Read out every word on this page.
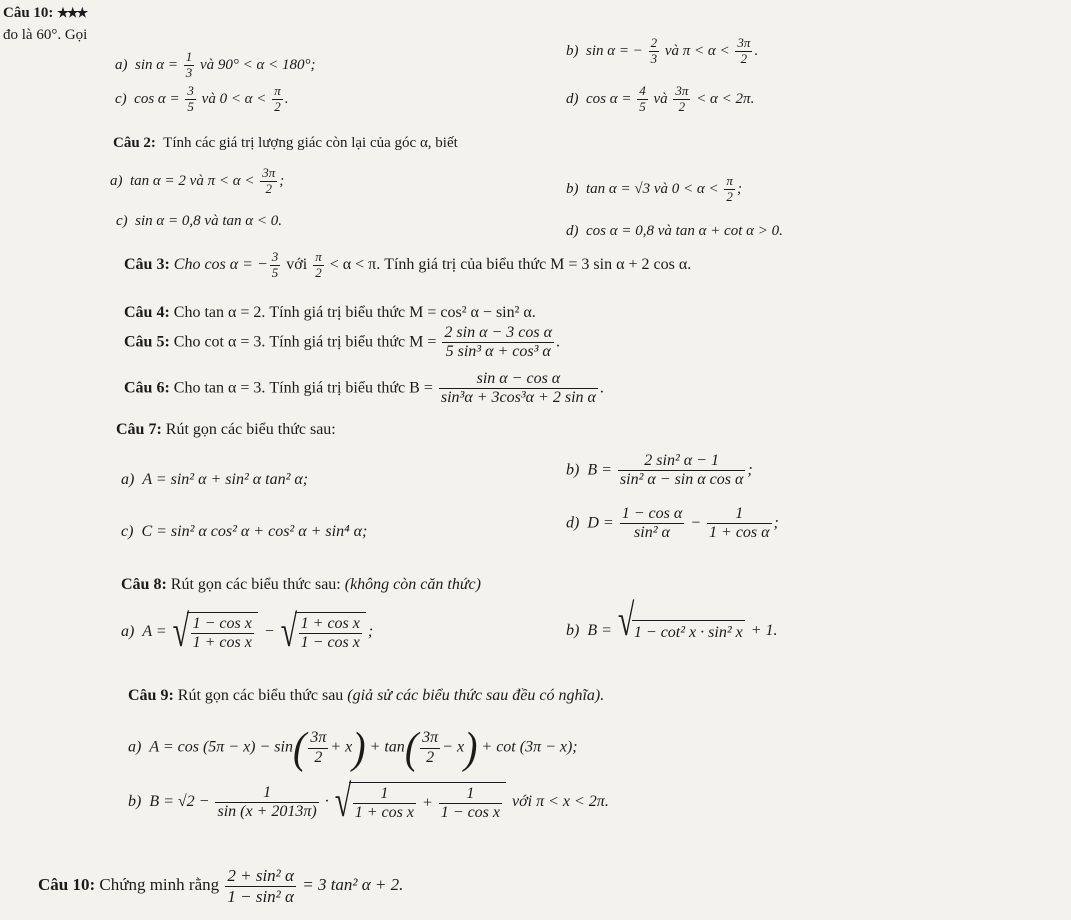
Câu 10: ★★★
đo là 60°. Gọi
a) $\sin \alpha = \frac{1}{3}$ và 90° < α < 180°;
b) sin α = − $\frac{2}{3}$ và $\pi < \alpha < \frac{3\pi}{2}$ .
c) $\cos \alpha = \frac{3}{5}$ và $0 < \alpha < \frac{\pi}{2}$ .	d) $\cos \alpha = \frac{4}{5}$ và $\frac{3\pi}{2} < \alpha < 2\pi$.
Câu 2: Tính các giá trị lượng giác còn lại của góc α, biết
a) tan α = 2 và $\pi < \alpha < \frac{3\pi}{2}$ ;	b) tan α = √3 và $0 < \alpha < \frac{\pi}{2}$ ;
c) sin α = 0,8 và tan α < 0.
d) cos α = 0,8 và tan α + cot α > 0.
Câu 3: Cho cos α = − $\frac{3}{5}$ với $\frac{\pi}{2} < \alpha < \pi$. Tính giá trị của biểu thức M = 3 sin α + 2 cos α.
Câu 4: Cho tan α = 2. Tính giá trị biểu thức M = cos² α − sin² α.
Câu 5: Cho cot α = 3. Tính giá trị biểu thức $M = \frac{\text{2 sin α − 3 cos α}}{\text{5 sin³ α + cos³ α}}$ .
Câu 6: Cho tan α = 3. Tính giá trị biểu thức $B = \frac{\text{sin α − cos α}}{\text{sin³α + 3cos³α + 2 sin α}}$ .
Câu 7: Rút gọn các biểu thức sau:
a) A = sin² α + sin² α tan² α;
b) $B = \frac{\text{2 sin² α − 1}}{\text{sin² α − sin α cos α}}$ ;
c) C = sin² α cos² α + cos² α + sin⁴ α;	d) $D = \frac{\text{1 − cos α}}{\text{sin² α}} - \frac{1}{\text{1 + cos α}}$ ;
Câu 8: Rút gọn các biểu thức sau: (không còn căn thức)
a) A = √ $\frac{\text{1 − cos x}}{\text{1 + cos x}}$ − √ $\frac{\text{1 + cos x}}{\text{1 − cos x}}$ ;	b) B = √ 1 − cot² x · sin² x + 1.
Câu 9: Rút gọn các biểu thức sau (giả sử các biểu thức sau đều có nghĩa).
a) $A = \cos (5\pi - x) - \sin( \frac{3\pi}{2} + x) + \tan( \frac{3\pi}{2} - x) + \cot (3\pi - x)$;
b) $B = √2 - \frac{1}{\sin (x + 2013\pi)}$ · √ $\frac{1}{\text{1 + cos x}} + \frac{1}{\text{1 − cos x}}$ với π < x < 2π.
Câu 10: Chứng minh rằng $\frac{\text{2 + sin² α}}{\text{1 − sin² α}} = 3$ tan² α + 2.
